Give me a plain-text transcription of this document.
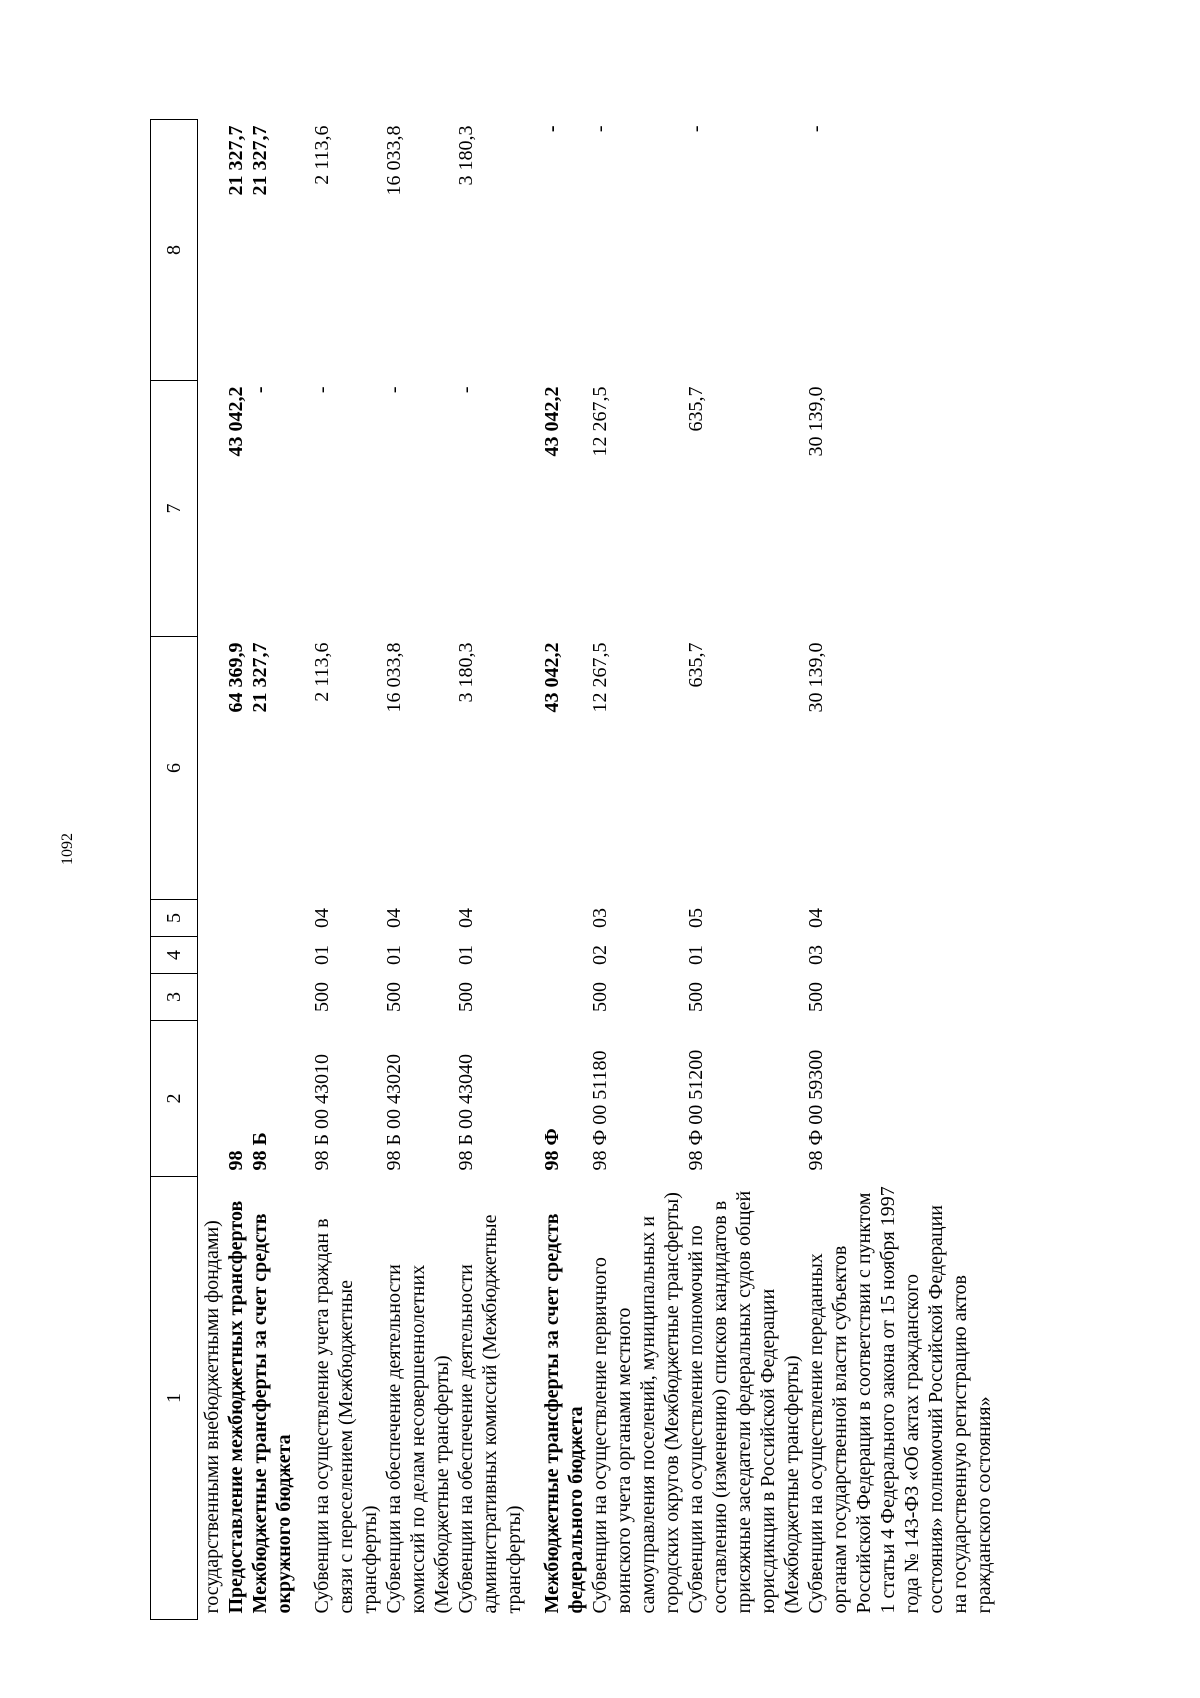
1092
1	2	3	4	5	6	7	8
государственными внебюджетными фондами)							
Предоставление межбюджетных трансфертов	98				64 369,9	43 042,2	21 327,7
Межбюджетные трансферты за счет средств окружного бюджета	98 Б				21 327,7	-	21 327,7

Субвенции на осуществление учета граждан в связи с переселением (Межбюджетные трансферты)	98 Б 00 43010	500	01	04	2 113,6	-	2 113,6
Субвенции на обеспечение деятельности комиссий по делам несовершеннолетних (Межбюджетные трансферты)	98 Б 00 43020	500	01	04	16 033,8	-	16 033,8
Субвенции на обеспечение деятельности административных комиссий (Межбюджетные трансферты)	98 Б 00 43040	500	01	04	3 180,3	-	3 180,3

Межбюджетные трансферты за счет средств федерального бюджета	98 Ф				43 042,2	43 042,2	-
Субвенции на осуществление первичного воинского учета органами местного самоуправления поселений, муниципальных и городских округов (Межбюджетные трансферты)	98 Ф 00 51180	500	02	03	12 267,5	12 267,5	-
Субвенции на осуществление полномочий по составлению (изменению) списков кандидатов в присяжные заседатели федеральных судов общей юрисдикции в Российской Федерации (Межбюджетные трансферты)	98 Ф 00 51200	500	01	05	635,7	635,7	-
Субвенции на осуществление переданных органам государственной власти субъектов Российской Федерации в соответствии с пунктом 1 статьи 4 Федерального закона от 15 ноября 1997 года № 143-ФЗ «Об актах гражданского состояния» полномочий Российской Федерации на государственную регистрацию актов гражданского состояния»	98 Ф 00 59300	500	03	04	30 139,0	30 139,0	-
